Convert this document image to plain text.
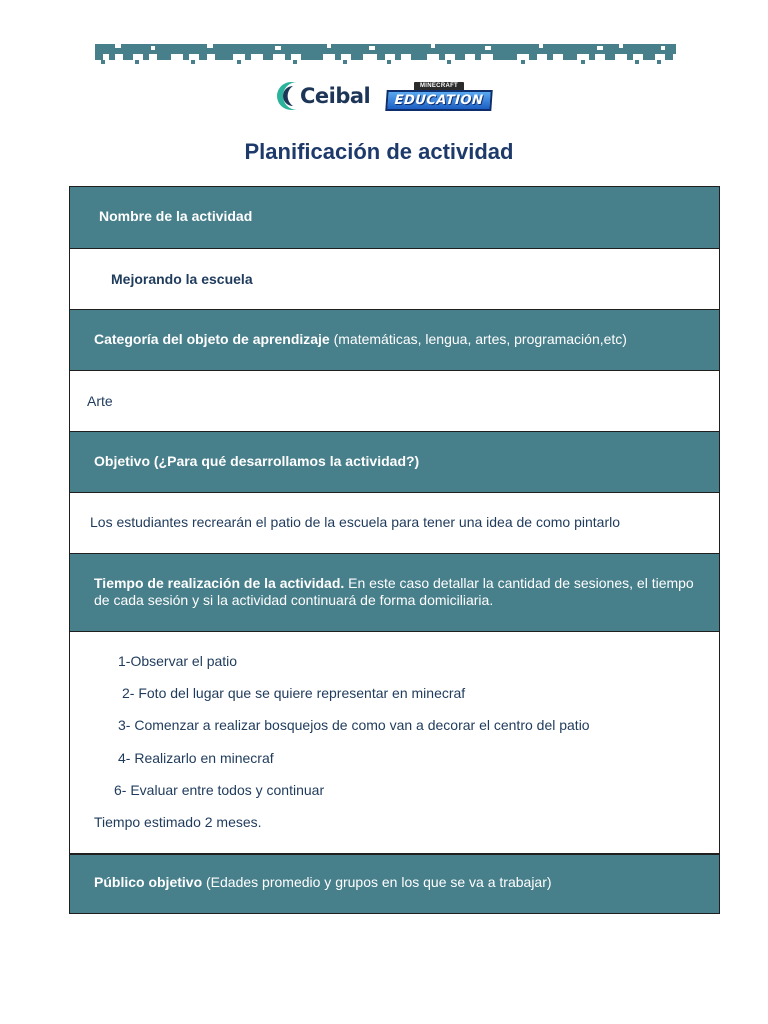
Ceibal	MINECRAFT
EDUCATION
Planificación de actividad
Nombre de la actividad
Mejorando la escuela
Categoría del objeto de aprendizaje (matemáticas, lengua, artes, programación,etc)
Arte
Objetivo (¿Para qué desarrollamos la actividad?)
Los estudiantes recrearán el patio de la escuela para tener una idea de como pintarlo
Tiempo de realización de la actividad. En este caso detallar la cantidad de sesiones, el tiempo
de cada sesión y si la actividad continuará de forma domiciliaria.
1-Observar el patio
2- Foto del lugar que se quiere representar en minecraf
3- Comenzar a realizar bosquejos de como van a decorar el centro del patio
4- Realizarlo en minecraf
6- Evaluar entre todos y continuar
Tiempo estimado 2 meses.
Público objetivo (Edades promedio y grupos en los que se va a trabajar)
